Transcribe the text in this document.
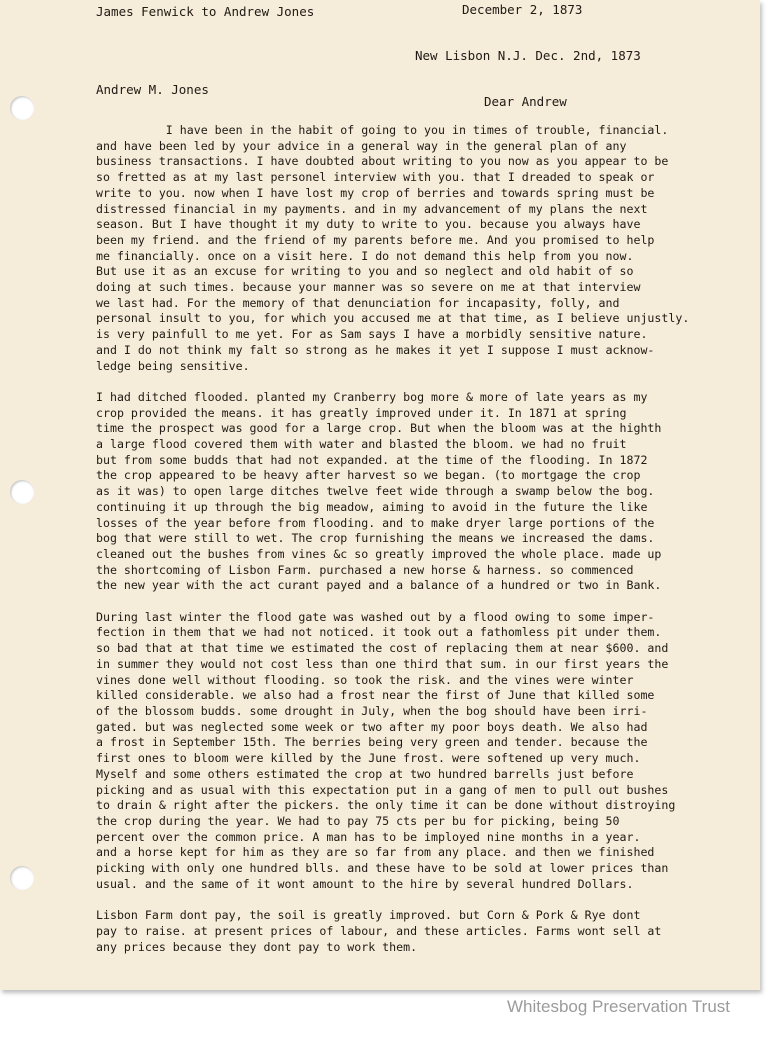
James Fenwick to Andrew Jones	December 2, 1873
New Lisbon N.J. Dec. 2nd, 1873
Andrew M. Jones
Dear Andrew

I have been in the habit of going to you in times of trouble, financial.
and have been led by your advice in a general way in the general plan of any
business transactions. I have doubted about writing to you now as you appear to be
so fretted as at my last personel interview with you. that I dreaded to speak or
write to you. now when I have lost my crop of berries and towards spring must be
distressed financial in my payments. and in my advancement of my plans the next
season. But I have thought it my duty to write to you. because you always have
been my friend. and the friend of my parents before me. And you promised to help
me financially. once on a visit here. I do not demand this help from you now.
But use it as an excuse for writing to you and so neglect and old habit of so
doing at such times. because your manner was so severe on me at that interview
we last had. For the memory of that denunciation for incapasity, folly, and
personal insult to you, for which you accused me at that time, as I believe unjustly.
is very painfull to me yet. For as Sam says I have a morbidly sensitive nature.
and I do not think my falt so strong as he makes it yet I suppose I must acknow-
ledge being sensitive.

I had ditched flooded. planted my Cranberry bog more & more of late years as my
crop provided the means. it has greatly improved under it. In 1871 at spring
time the prospect was good for a large crop. But when the bloom was at the highth
a large flood covered them with water and blasted the bloom. we had no fruit
but from some budds that had not expanded. at the time of the flooding. In 1872
the crop appeared to be heavy after harvest so we began. (to mortgage the crop
as it was) to open large ditches twelve feet wide through a swamp below the bog.
continuing it up through the big meadow, aiming to avoid in the future the like
losses of the year before from flooding. and to make dryer large portions of the
bog that were still to wet. The crop furnishing the means we increased the dams.
cleaned out the bushes from vines &c so greatly improved the whole place. made up
the shortcoming of Lisbon Farm. purchased a new horse & harness. so commenced
the new year with the act curant payed and a balance of a hundred or two in Bank.

During last winter the flood gate was washed out by a flood owing to some imper-
fection in them that we had not noticed. it took out a fathomless pit under them.
so bad that at that time we estimated the cost of replacing them at near $600. and
in summer they would not cost less than one third that sum. in our first years the
vines done well without flooding. so took the risk. and the vines were winter
killed considerable. we also had a frost near the first of June that killed some
of the blossom budds. some drought in July, when the bog should have been irri-
gated. but was neglected some week or two after my poor boys death. We also had
a frost in September 15th. The berries being very green and tender. because the
first ones to bloom were killed by the June frost. were softened up very much.
Myself and some others estimated the crop at two hundred barrells just before
picking and as usual with this expectation put in a gang of men to pull out bushes
to drain & right after the pickers. the only time it can be done without distroying
the crop during the year. We had to pay 75 cts per bu for picking, being 50
percent over the common price. A man has to be imployed nine months in a year.
and a horse kept for him as they are so far from any place. and then we finished
picking with only one hundred blls. and these have to be sold at lower prices than
usual. and the same of it wont amount to the hire by several hundred Dollars.

Lisbon Farm dont pay, the soil is greatly improved. but Corn & Pork & Rye dont
pay to raise. at present prices of labour, and these articles. Farms wont sell at
any prices because they dont pay to work them.

Whitesbog Preservation Trust
